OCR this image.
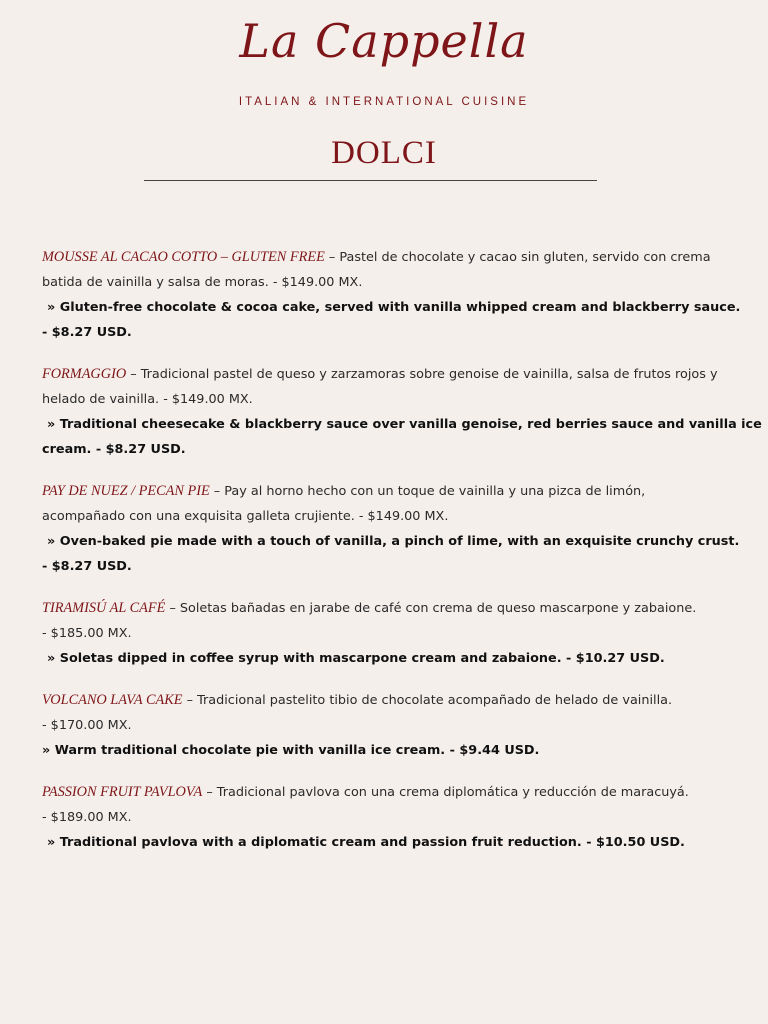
La Cappella
ITALIAN & INTERNATIONAL CUISINE
DOLCI
MOUSSE AL CACAO COTTO – GLUTEN FREE – Pastel de chocolate y cacao sin gluten, servido con crema
batida de vainilla y salsa de moras. - $149.00 MX.
» Gluten-free chocolate & cocoa cake, served with vanilla whipped cream and blackberry sauce.
- $8.27 USD.
FORMAGGIO – Tradicional pastel de queso y zarzamoras sobre genoise de vainilla, salsa de frutos rojos y
helado de vainilla. - $149.00 MX.
» Traditional cheesecake & blackberry sauce over vanilla genoise, red berries sauce and vanilla ice
cream. - $8.27 USD.
PAY DE NUEZ / PECAN PIE – Pay al horno hecho con un toque de vainilla y una pizca de limón,
acompañado con una exquisita galleta crujiente. - $149.00 MX.
» Oven-baked pie made with a touch of vanilla, a pinch of lime, with an exquisite crunchy crust.
- $8.27 USD.
TIRAMISÚ AL CAFÉ – Soletas bañadas en jarabe de café con crema de queso mascarpone y zabaione.
- $185.00 MX.
» Soletas dipped in coffee syrup with mascarpone cream and zabaione. - $10.27 USD.
VOLCANO LAVA CAKE – Tradicional pastelito tibio de chocolate acompañado de helado de vainilla.
- $170.00 MX.
» Warm traditional chocolate pie with vanilla ice cream. - $9.44 USD.
PASSION FRUIT PAVLOVA – Tradicional pavlova con una crema diplomática y reducción de maracuyá.
- $189.00 MX.
» Traditional pavlova with a diplomatic cream and passion fruit reduction. - $10.50 USD.
